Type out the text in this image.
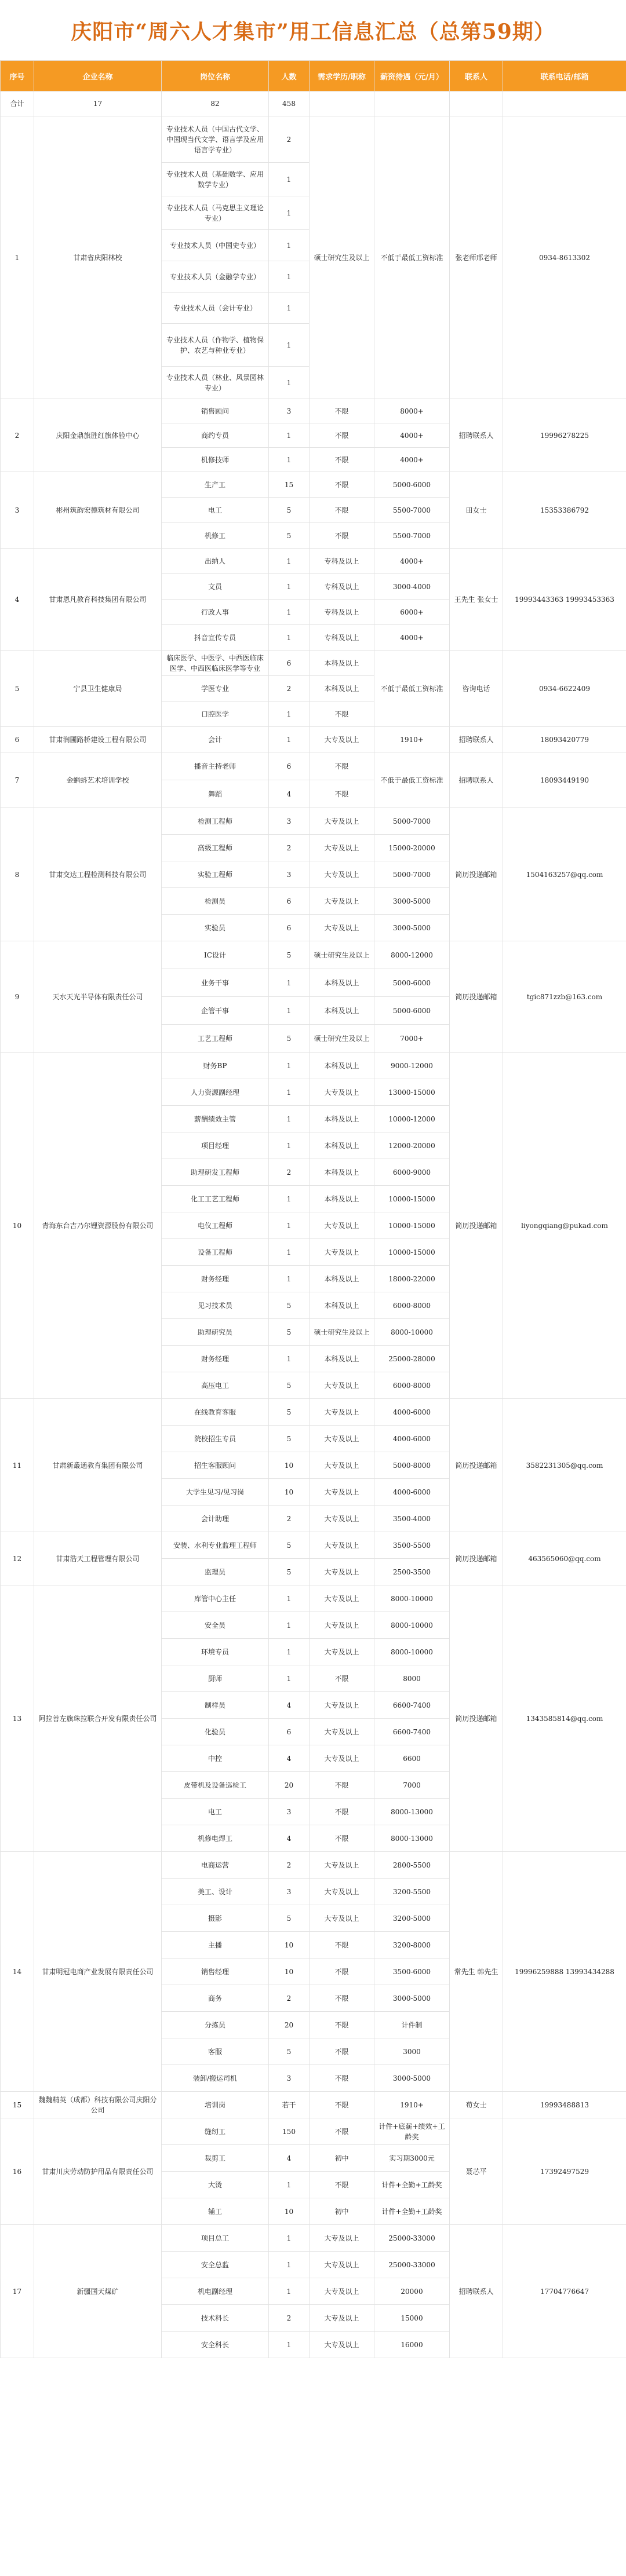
庆阳市“周六人才集市”用工信息汇总（总第59期）
序号	企业名称	岗位名称	人数	需求学历/职称	薪资待遇（元/月）	联系人	联系电话/邮箱
合计	17	82	458				
1	甘肃省庆阳林校	专业技术人员（中国古代文学、中国现当代文学、语言学及应用语言学专业）	2	硕士研究生及以上	不低于最低工资标准	张老师邢老师	0934-8613302
		专业技术人员（基础数学、应用数学专业）	1				
		专业技术人员（马克思主义理论专业）	1				
		专业技术人员（中国史专业）	1				
		专业技术人员（金融学专业）	1				
		专业技术人员（会计专业）	1				
		专业技术人员（作物学、植物保护、农艺与种业专业）	1				
		专业技术人员（林业、风景园林专业）	1				
2	庆阳金鼎旗胜红旗体验中心	销售顾问	3	不限	8000+	招聘联系人	19996278225
		商约专员	1	不限	4000+		
		机修技师	1	不限	4000+		
3	彬州筑韵宏德筑材有限公司	生产工	15	不限	5000-6000	田女士	15353386792
		电工	5	不限	5500-7000		
		机修工	5	不限	5500-7000		
4	甘肃恩凡教育科技集团有限公司	出纳人	1	专科及以上	4000+	王先生 张女士	19993443363 19993453363
		文员	1	专科及以上	3000-4000		
		行政人事	1	专科及以上	6000+		
		抖音宣传专员	1	专科及以上	4000+		
5	宁县卫生健康局	临床医学、中医学、中西医临床医学、中西医临床医学等专业	6	本科及以上	不低于最低工资标准	咨询电话	0934-6622409
		学医专业	2	本科及以上			
		口腔医学	1	不限			
6	甘肃润圃路桥建设工程有限公司	会计	1	大专及以上	1910+	招聘联系人	18093420779
7	金蝌蚪艺术培训学校	播音主持老师	6	不限	不低于最低工资标准	招聘联系人	18093449190
		舞蹈	4	不限			
8	甘肃交达工程检测科技有限公司	检测工程师	3	大专及以上	5000-7000	简历投递邮箱	1504163257@qq.com
		高级工程师	2	大专及以上	15000-20000		
		实验工程师	3	大专及以上	5000-7000		
		检测员	6	大专及以上	3000-5000		
		实验员	6	大专及以上	3000-5000		
9	天水天光半导体有限责任公司	IC设计	5	硕士研究生及以上	8000-12000	简历投递邮箱	tgic871zzb@163.com
		业务干事	1	本科及以上	5000-6000		
		企管干事	1	本科及以上	5000-6000		
		工艺工程师	5	硕士研究生及以上	7000+		
10	青海东台吉乃尔锂资源股份有限公司	财务BP	1	本科及以上	9000-12000	简历投递邮箱	liyongqiang@pukad.com
		人力资源副经理	1	大专及以上	13000-15000		
		薪酬绩效主管	1	本科及以上	10000-12000		
		项目经理	1	本科及以上	12000-20000		
		助理研发工程师	2	本科及以上	6000-9000		
		化工工艺工程师	1	本科及以上	10000-15000		
		电仪工程师	1	大专及以上	10000-15000		
		设备工程师	1	大专及以上	10000-15000		
		财务经理	1	本科及以上	18000-22000		
		见习技术员	5	本科及以上	6000-8000		
		助理研究员	5	硕士研究生及以上	8000-10000		
		财务经理	1	本科及以上	25000-28000		
		高压电工	5	大专及以上	6000-8000		
11	甘肃新叢通教育集团有限公司	在线教育客服	5	大专及以上	4000-6000	简历投递邮箱	3582231305@qq.com
		院校招生专员	5	大专及以上	4000-6000		
		招生客服顾问	10	大专及以上	5000-8000		
		大学生见习/见习岗	10	大专及以上	4000-6000		
		会计助理	2	大专及以上	3500-4000		
12	甘肃浩天工程管理有限公司	安装、水利专业监理工程师	5	大专及以上	3500-5500	简历投递邮箱	463565060@qq.com
		监理员	5	大专及以上	2500-3500		
13	阿拉善左旗珠拉联合开发有限责任公司	库管中心主任	1	大专及以上	8000-10000	简历投递邮箱	1343585814@qq.com
		安全员	1	大专及以上	8000-10000		
		环境专员	1	大专及以上	8000-10000		
		厨师	1	不限	8000		
		制样员	4	大专及以上	6600-7400		
		化验员	6	大专及以上	6600-7400		
		中控	4	大专及以上	6600		
		皮带机及设备巡检工	20	不限	7000		
		电工	3	不限	8000-13000		
		机修电焊工	4	不限	8000-13000		
14	甘肃明冠电商产业发展有限责任公司	电商运营	2	大专及以上	2800-5500	常先生 韩先生	19996259888 13993434288
		美工、设计	3	大专及以上	3200-5500		
		摄影	5	大专及以上	3200-5000		
		主播	10	不限	3200-8000		
		销售经理	10	不限	3500-6000		
		商务	2	不限	3000-5000		
		分拣员	20	不限	计件制		
		客服	5	不限	3000		
		装卸/搬运司机	3	不限	3000-5000		
15	魏魏精英（成都）科技有限公司庆阳分公司	培训岗	若干	不限	1910+	荀女士	19993488813
16	甘肃川庆劳动防护用品有限责任公司	缝纫工	150	不限	计件+底薪+绩效+工龄奖	聂芯平	17392497529
		裁剪工	4	初中	实习期3000元		
		大烫	1	不限	计件+全勤+工龄奖		
		辅工	10	初中	计件+全勤+工龄奖		
17	新疆国天煤矿	项目总工	1	大专及以上	25000-33000	招聘联系人	17704776647
		安全总监	1	大专及以上	25000-33000		
		机电副经理	1	大专及以上	20000		
		技术科长	2	大专及以上	15000		
		安全科长	1	大专及以上	16000		
